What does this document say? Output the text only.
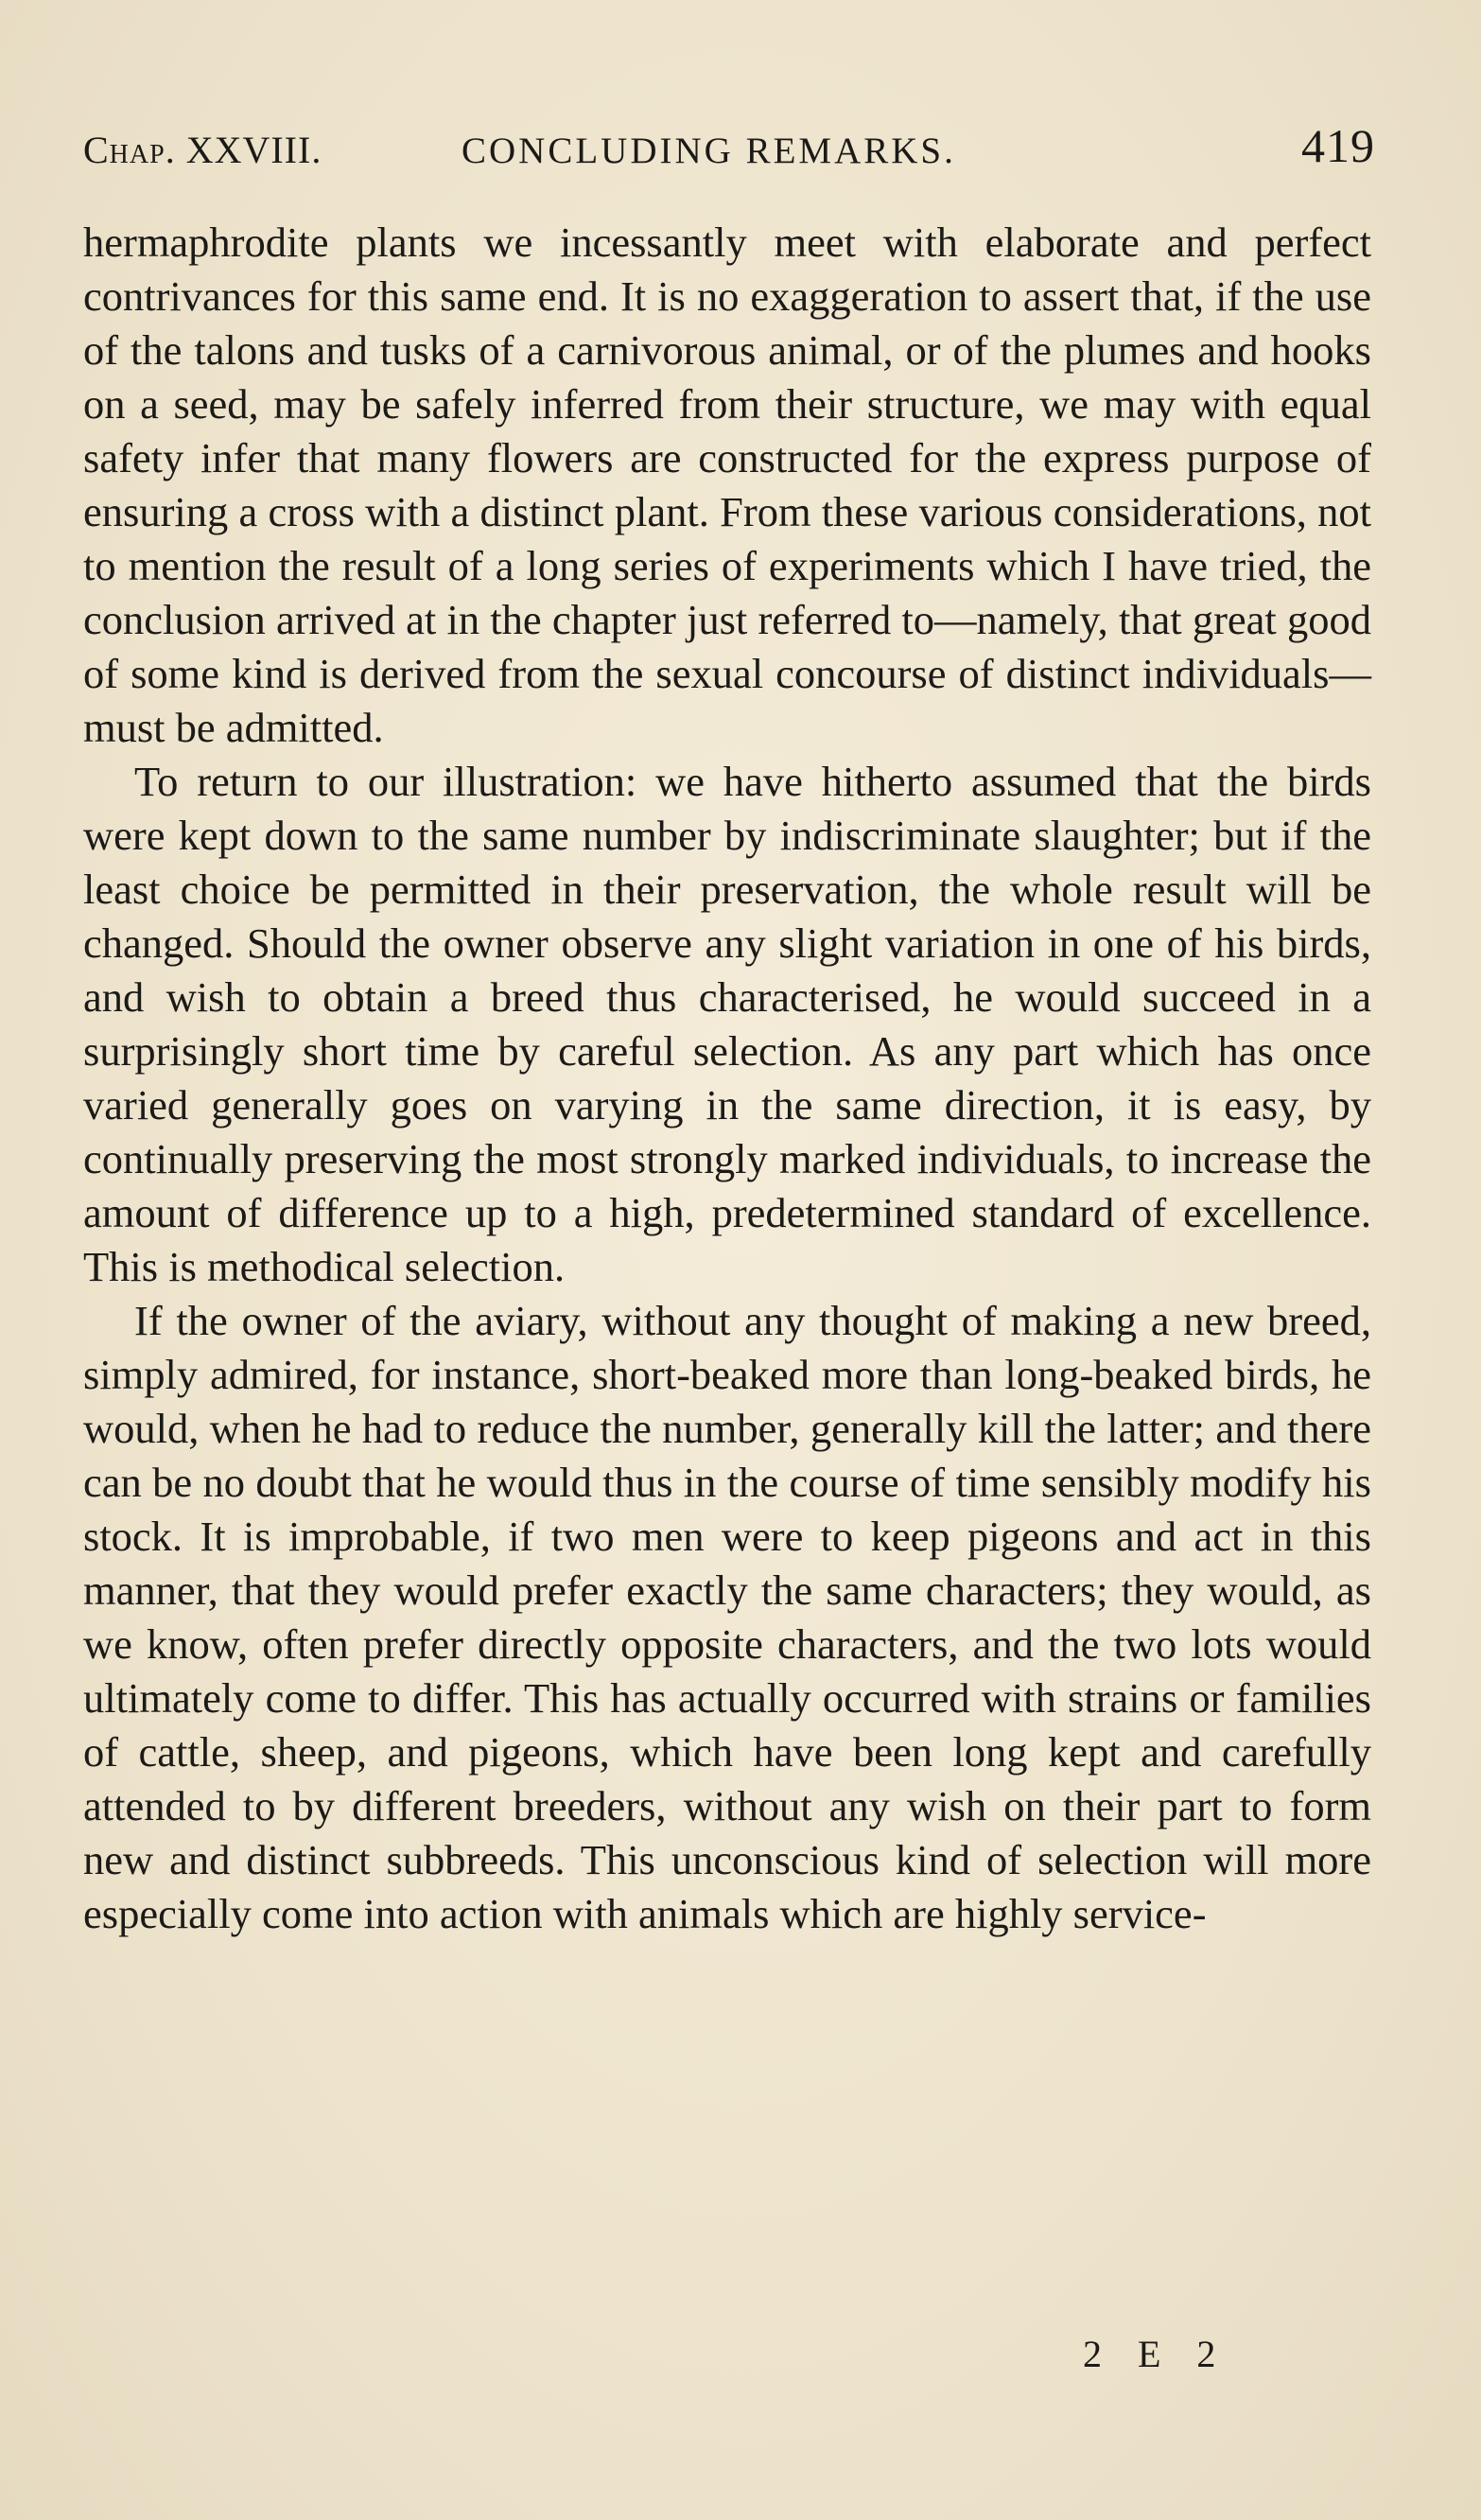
Chap. XXVIII.	CONCLUDING REMARKS.	419

hermaphrodite plants we incessantly meet with elaborate and perfect contrivances for this same end. It is no exaggeration to assert that, if the use of the talons and tusks of a carnivorous animal, or of the plumes and hooks on a seed, may be safely inferred from their structure, we may with equal safety infer that many flowers are constructed for the express purpose of ensuring a cross with a distinct plant. From these various considerations, not to mention the result of a long series of experiments which I have tried, the conclusion arrived at in the chapter just referred to—namely, that great good of some kind is derived from the sexual concourse of distinct individuals—must be admitted.

To return to our illustration: we have hitherto assumed that the birds were kept down to the same number by indiscriminate slaughter; but if the least choice be permitted in their preservation, the whole result will be changed. Should the owner observe any slight variation in one of his birds, and wish to obtain a breed thus characterised, he would succeed in a surprisingly short time by careful selection. As any part which has once varied generally goes on varying in the same direction, it is easy, by continually preserving the most strongly marked individuals, to increase the amount of difference up to a high, predetermined standard of excellence. This is methodical selection.

If the owner of the aviary, without any thought of making a new breed, simply admired, for instance, short-beaked more than long-beaked birds, he would, when he had to reduce the number, generally kill the latter; and there can be no doubt that he would thus in the course of time sensibly modify his stock. It is improbable, if two men were to keep pigeons and act in this manner, that they would prefer exactly the same characters; they would, as we know, often prefer directly opposite characters, and the two lots would ultimately come to differ. This has actually occurred with strains or families of cattle, sheep, and pigeons, which have been long kept and carefully attended to by different breeders, without any wish on their part to form new and distinct subbreeds. This unconscious kind of selection will more especially come into action with animals which are highly service-

2 E 2
